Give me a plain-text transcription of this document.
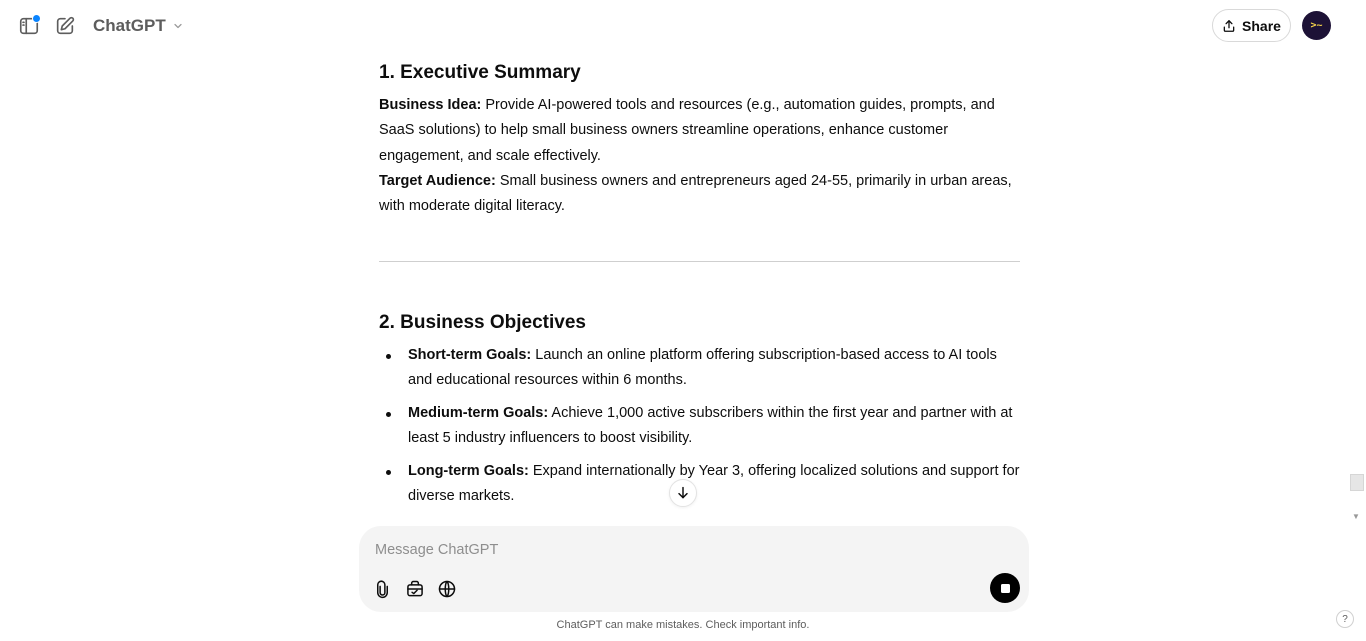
ChatGPT	Share	>~
1. Executive Summary
Business Idea: Provide AI-powered tools and resources (e.g., automation guides, prompts, and SaaS solutions) to help small business owners streamline operations, enhance customer engagement, and scale effectively.
Target Audience: Small business owners and entrepreneurs aged 24-55, primarily in urban areas, with moderate digital literacy.
2. Business Objectives
Short-term Goals: Launch an online platform offering subscription-based access to AI tools and educational resources within 6 months.
Medium-term Goals: Achieve 1,000 active subscribers within the first year and partner with at least 5 industry influencers to boost visibility.
Long-term Goals: Expand internationally by Year 3, offering localized solutions and support for diverse markets.
Message ChatGPT
ChatGPT can make mistakes. Check important info.
▼
?
